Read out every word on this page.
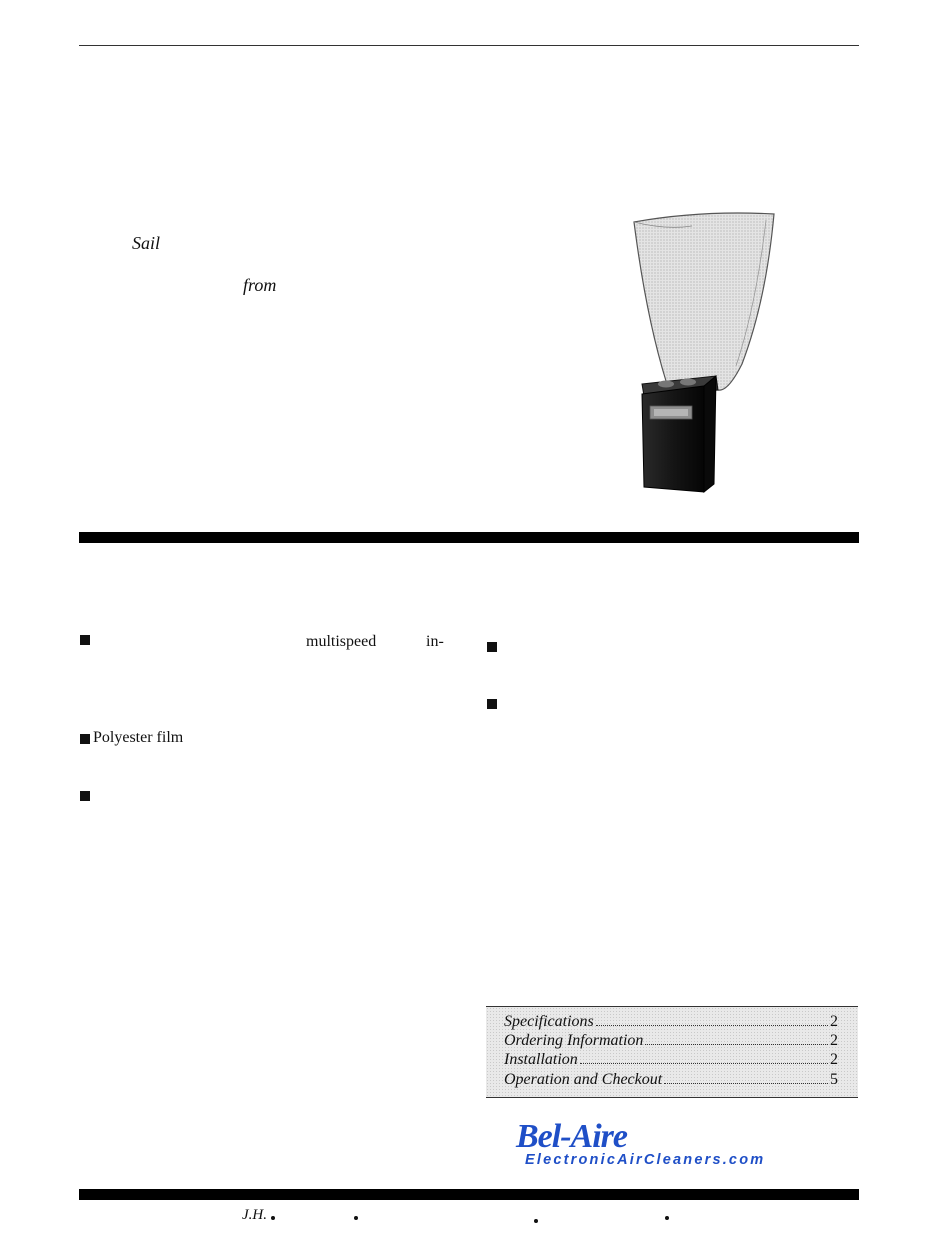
Sail
from
multispeed	in-
Polyester film
Specifications	2
Ordering Information	2
Installation	2
Operation and Checkout	5
Bel-Aire
ElectronicAirCleaners.com
J.H.
